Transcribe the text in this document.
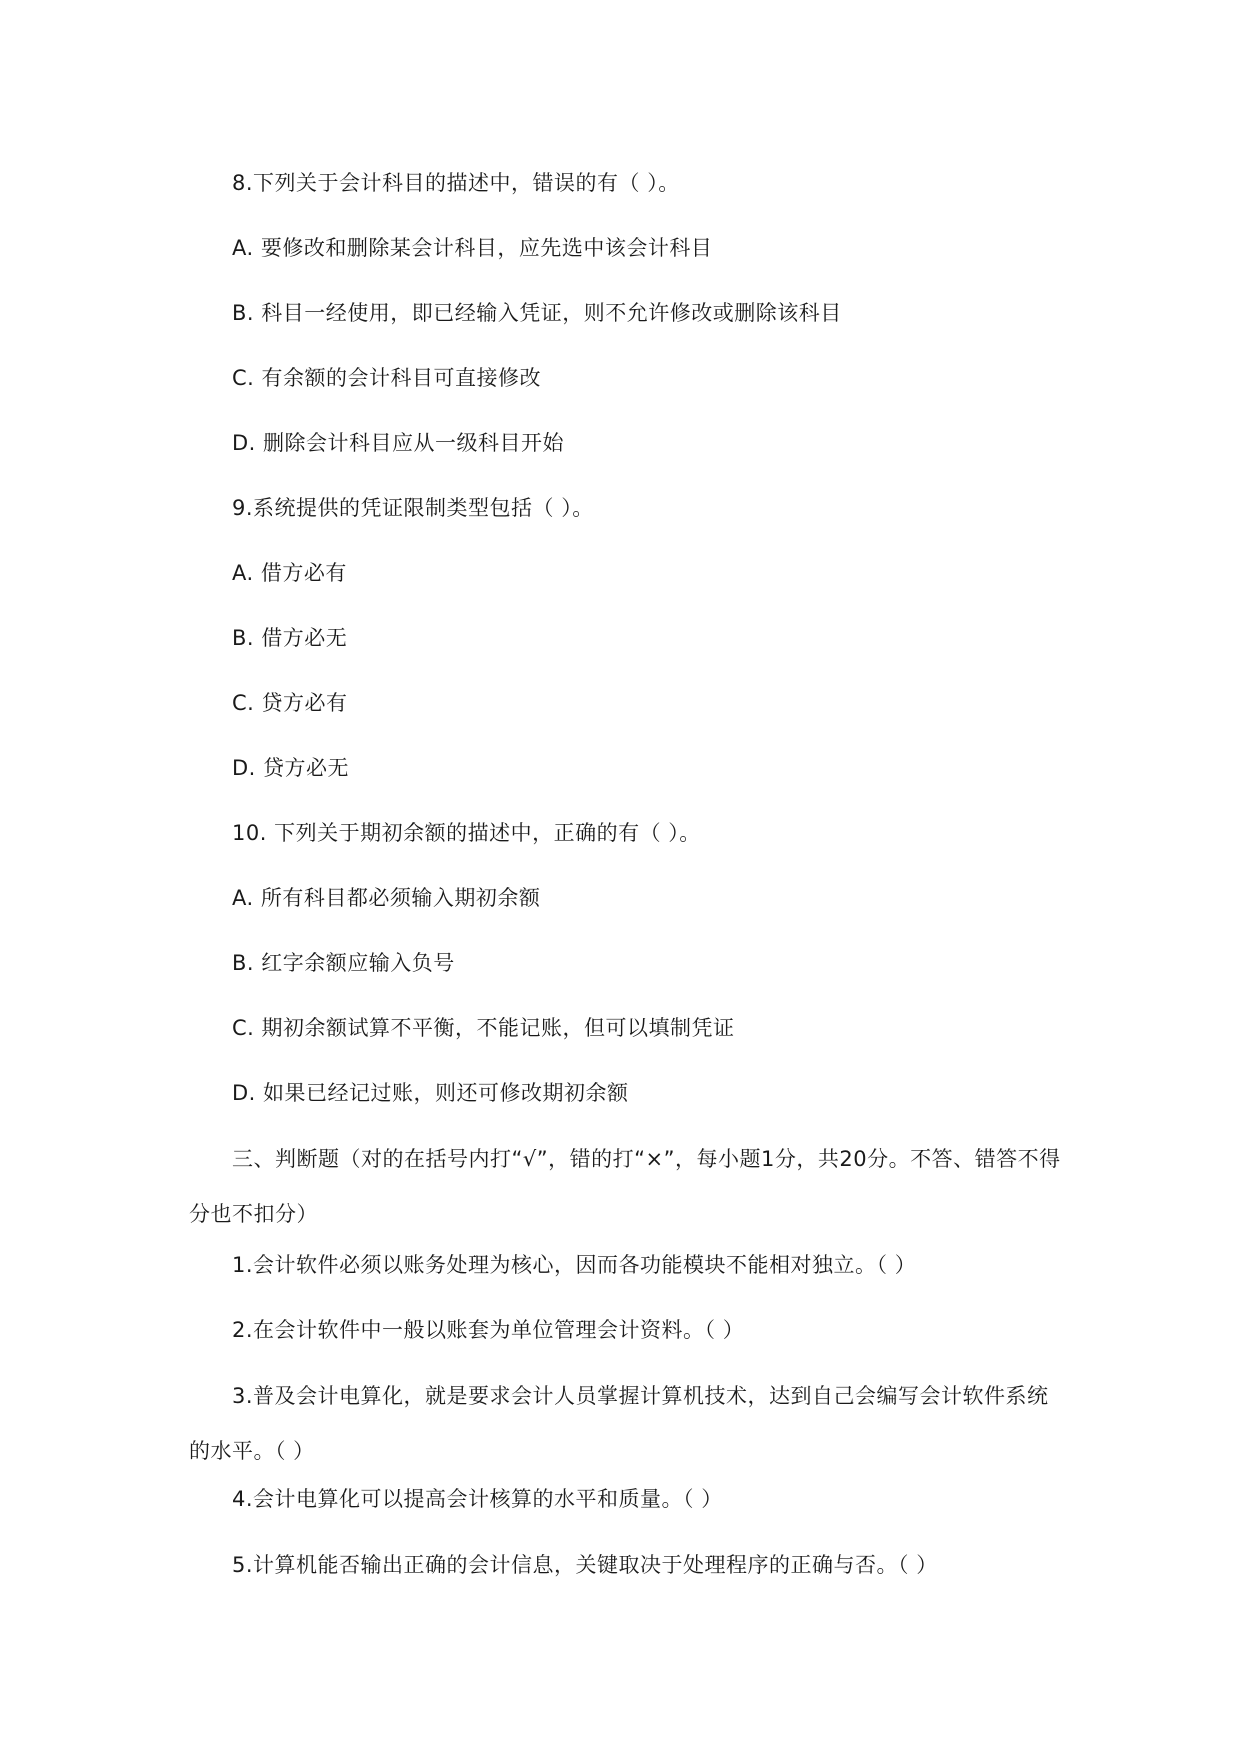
8.下列关于会计科目的描述中，错误的有（ ）。
A. 要修改和删除某会计科目，应先选中该会计科目
B. 科目一经使用，即已经输入凭证，则不允许修改或删除该科目
C. 有余额的会计科目可直接修改
D. 删除会计科目应从一级科目开始
9.系统提供的凭证限制类型包括（ ）。
A. 借方必有
B. 借方必无
C. 贷方必有
D. 贷方必无
10. 下列关于期初余额的描述中，正确的有（ ）。
A. 所有科目都必须输入期初余额
B. 红字余额应输入负号
C. 期初余额试算不平衡，不能记账，但可以填制凭证
D. 如果已经记过账，则还可修改期初余额
三、判断题（对的在括号内打“√”，错的打“×”，每小题1分，共20分。不答、错答不得
分也不扣分）
1.会计软件必须以账务处理为核心，因而各功能模块不能相对独立。（ ）
2.在会计软件中一般以账套为单位管理会计资料。（ ）
3.普及会计电算化，就是要求会计人员掌握计算机技术，达到自己会编写会计软件系统
的水平。（ ）
4.会计电算化可以提高会计核算的水平和质量。（ ）
5.计算机能否输出正确的会计信息，关键取决于处理程序的正确与否。（ ）
